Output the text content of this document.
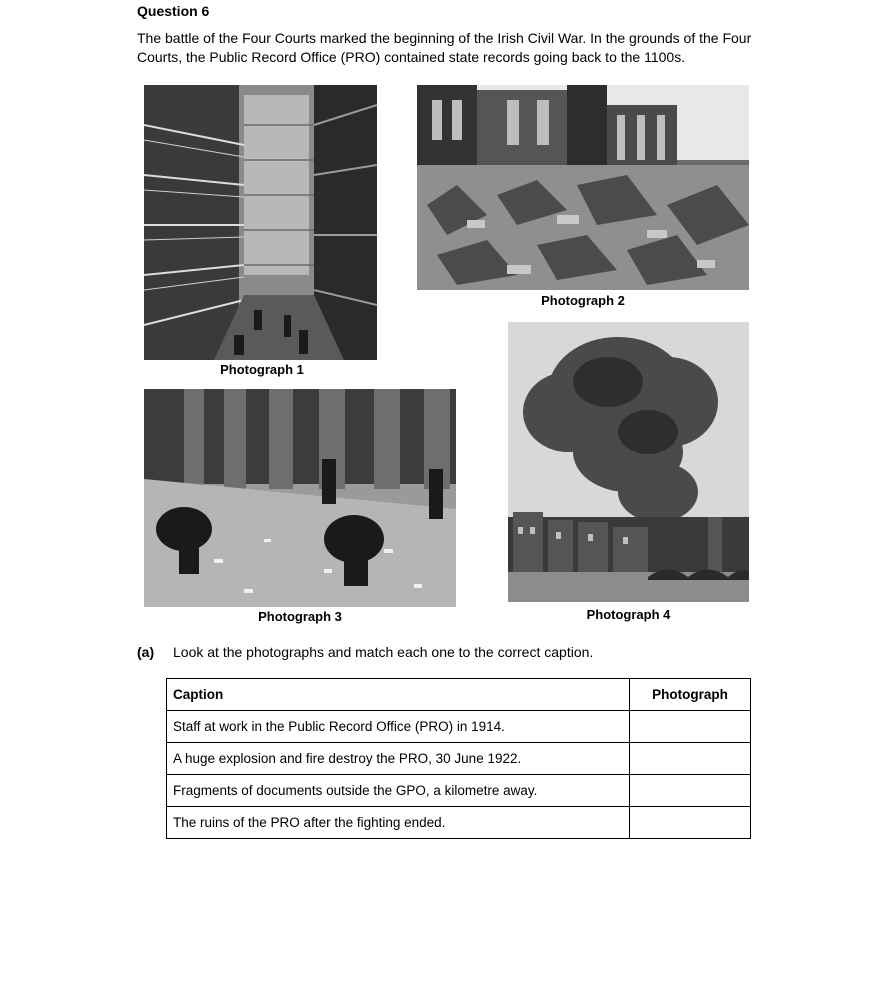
Question 6
The battle of the Four Courts marked the beginning of the Irish Civil War. In the grounds of the Four Courts, the Public Record Office (PRO) contained state records going back to the 1100s.
Photograph 1
Photograph 2
Photograph 3	Photograph 4
(a) Look at the photographs and match each one to the correct caption.
Caption	Photograph
Staff at work in the Public Record Office (PRO) in 1914.	
A huge explosion and fire destroy the PRO, 30 June 1922.	
Fragments of documents outside the GPO, a kilometre away.	
The ruins of the PRO after the fighting ended.	
